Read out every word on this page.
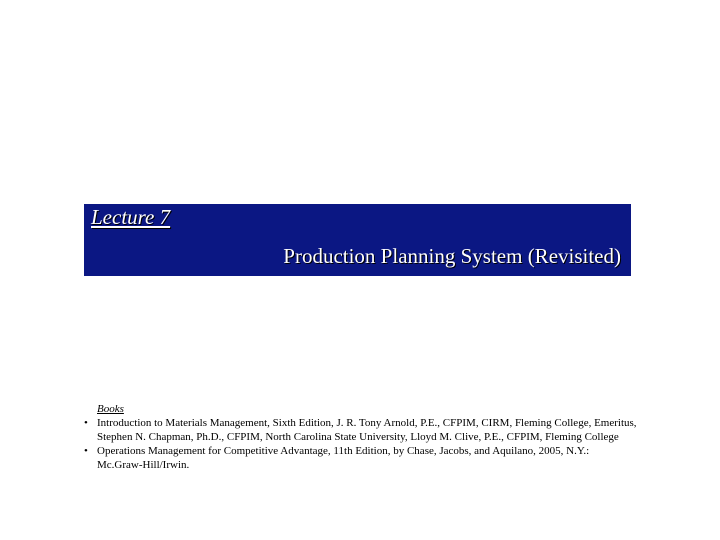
Lecture 7
Production Planning System (Revisited)
Books
• Introduction to Materials Management, Sixth Edition, J. R. Tony Arnold, P.E., CFPIM, CIRM, Fleming College, Emeritus, Stephen N. Chapman, Ph.D., CFPIM, North Carolina State University, Lloyd M. Clive, P.E., CFPIM, Fleming College
• Operations Management for Competitive Advantage, 11th Edition, by Chase, Jacobs, and Aquilano, 2005, N.Y.: Mc.Graw-Hill/Irwin.
